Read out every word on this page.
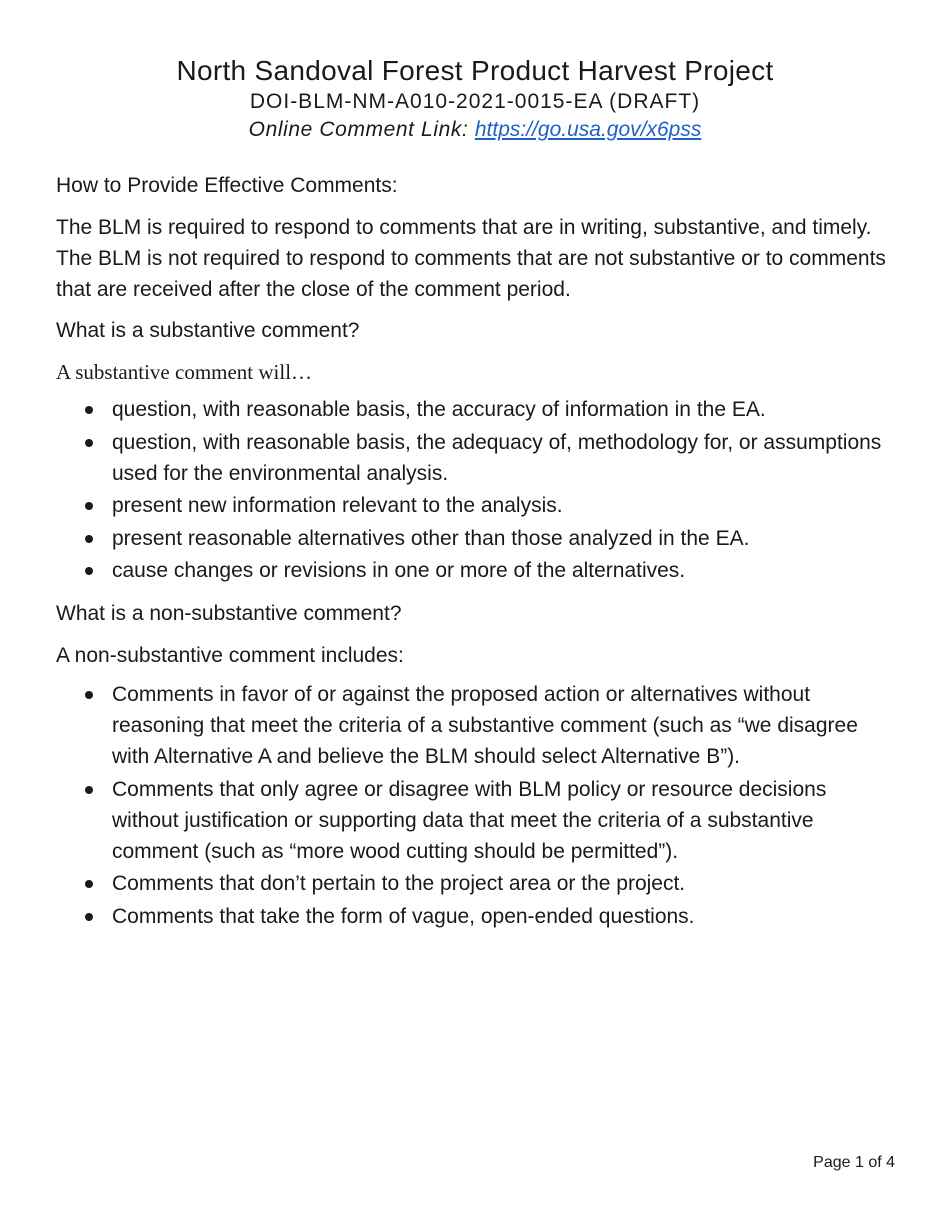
North Sandoval Forest Product Harvest Project
DOI-BLM-NM-A010-2021-0015-EA (DRAFT)
Online Comment Link: https://go.usa.gov/x6pss

How to Provide Effective Comments:

The BLM is required to respond to comments that are in writing, substantive, and timely. The BLM is not required to respond to comments that are not substantive or to comments that are received after the close of the comment period.

What is a substantive comment?

A substantive comment will…

question, with reasonable basis, the accuracy of information in the EA.
question, with reasonable basis, the adequacy of, methodology for, or assumptions used for the environmental analysis.
present new information relevant to the analysis.
present reasonable alternatives other than those analyzed in the EA.
cause changes or revisions in one or more of the alternatives.

What is a non-substantive comment?

A non-substantive comment includes:

Comments in favor of or against the proposed action or alternatives without reasoning that meet the criteria of a substantive comment (such as “we disagree with Alternative A and believe the BLM should select Alternative B”).
Comments that only agree or disagree with BLM policy or resource decisions without justification or supporting data that meet the criteria of a substantive comment (such as “more wood cutting should be permitted”).
Comments that don’t pertain to the project area or the project.
Comments that take the form of vague, open-ended questions.
Page 1 of 4
